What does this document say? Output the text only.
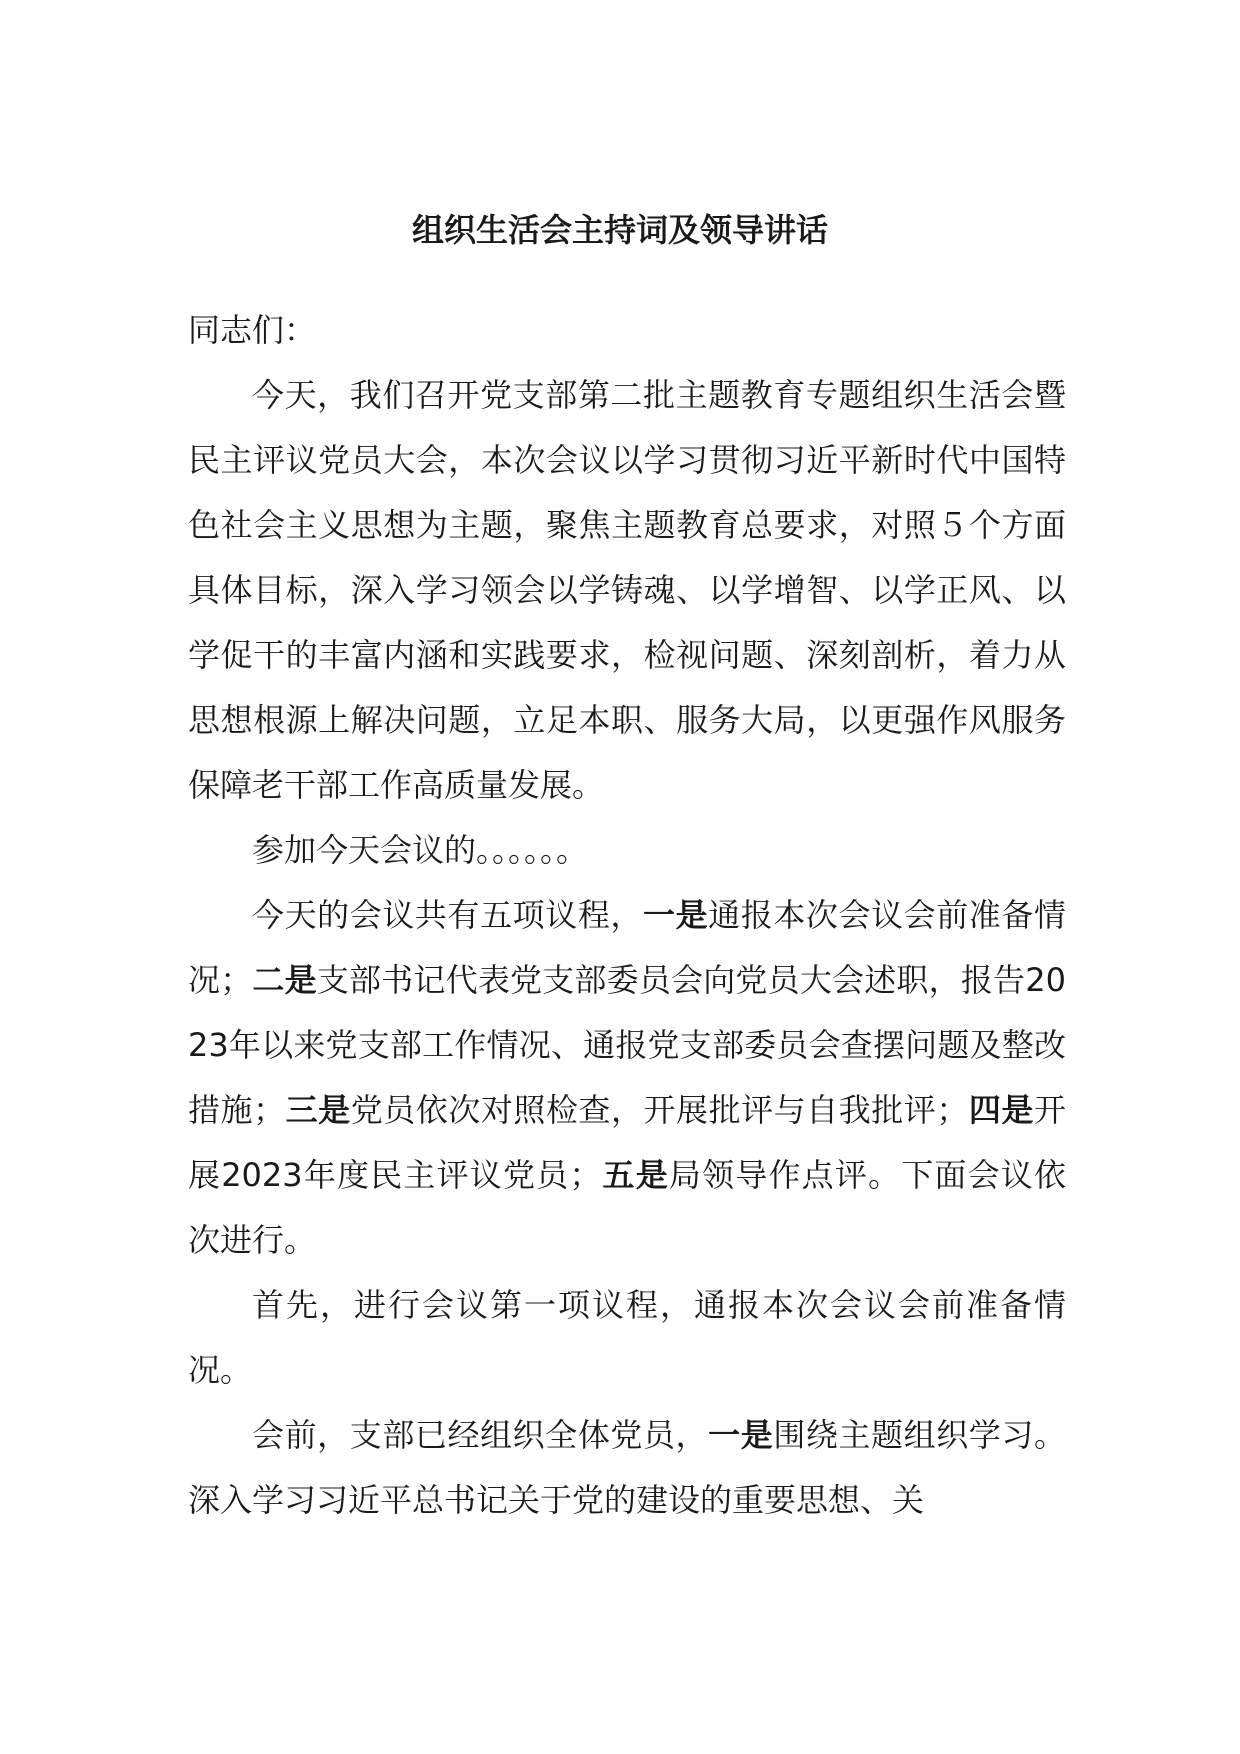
组织生活会主持词及领导讲话

同志们：

今天，我们召开党支部第二批主题教育专题组织生活会暨民主评议党员大会，本次会议以学习贯彻习近平新时代中国特色社会主义思想为主题，聚焦主题教育总要求，对照５个方面具体目标，深入学习领会以学铸魂、以学增智、以学正风、以学促干的丰富内涵和实践要求，检视问题、深刻剖析，着力从思想根源上解决问题，立足本职、服务大局，以更强作风服务保障老干部工作高质量发展。

参加今天会议的。。。。。。

今天的会议共有五项议程，一是通报本次会议会前准备情况；二是支部书记代表党支部委员会向党员大会述职，报告2023年以来党支部工作情况、通报党支部委员会查摆问题及整改措施；三是党员依次对照检查，开展批评与自我批评；四是开展2023年度民主评议党员；五是局领导作点评。下面会议依次进行。

首先，进行会议第一项议程，通报本次会议会前准备情况。

会前，支部已经组织全体党员，一是围绕主题组织学习。深入学习习近平总书记关于党的建设的重要思想、关
